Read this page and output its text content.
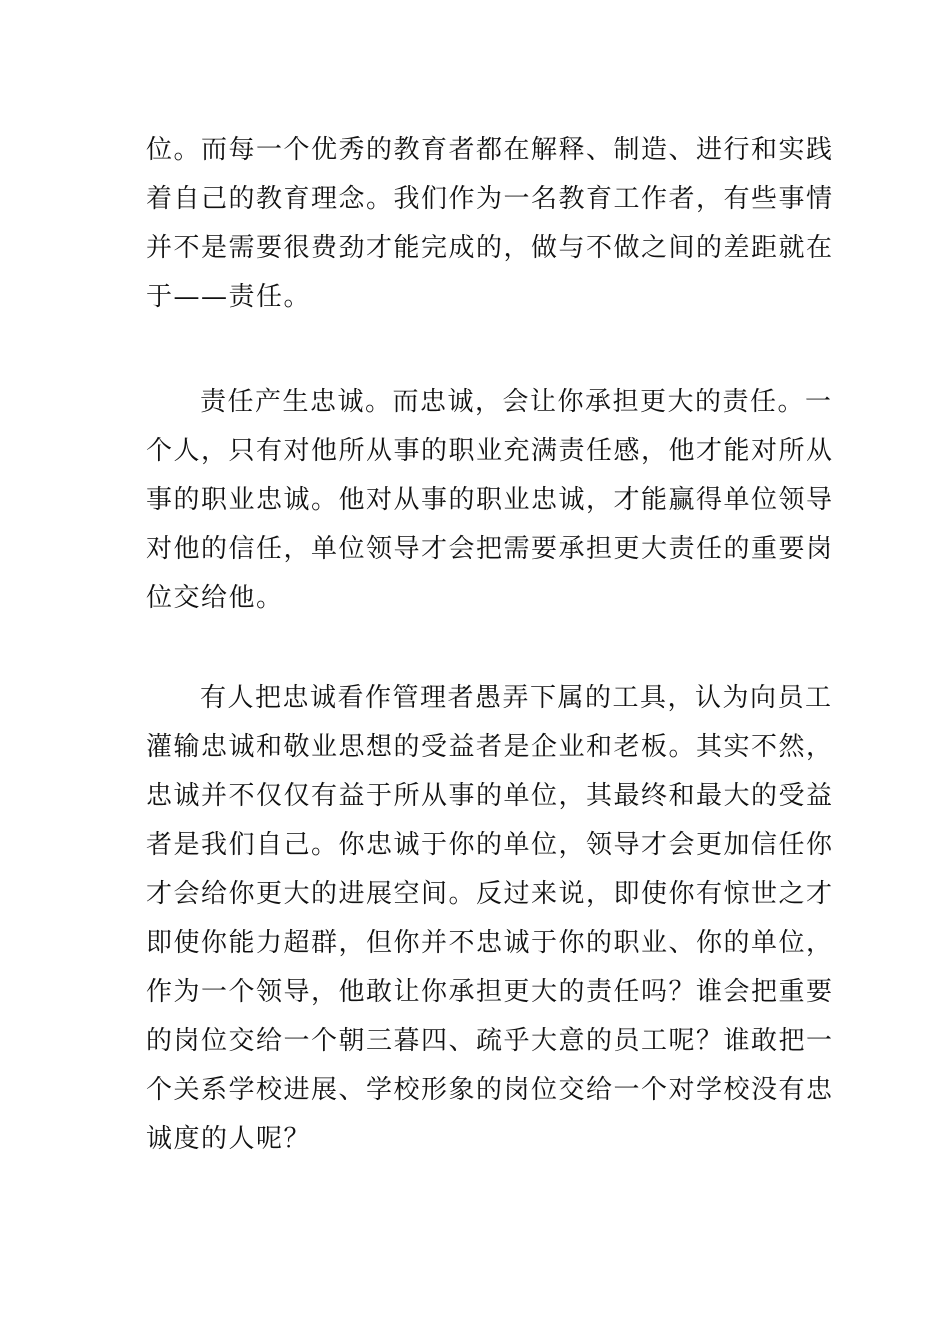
位。而每一个优秀的教育者都在解释、制造、进行和实践
着自己的教育理念。我们作为一名教育工作者，有些事情
并不是需要很费劲才能完成的，做与不做之间的差距就在
于——责任。

责任产生忠诚。而忠诚，会让你承担更大的责任。一
个人，只有对他所从事的职业充满责任感，他才能对所从
事的职业忠诚。他对从事的职业忠诚，才能赢得单位领导
对他的信任，单位领导才会把需要承担更大责任的重要岗
位交给他。

有人把忠诚看作管理者愚弄下属的工具，认为向员工
灌输忠诚和敬业思想的受益者是企业和老板。其实不然，
忠诚并不仅仅有益于所从事的单位，其最终和最大的受益
者是我们自己。你忠诚于你的单位，领导才会更加信任你
才会给你更大的进展空间。反过来说，即使你有惊世之才
即使你能力超群，但你并不忠诚于你的职业、你的单位，
作为一个领导，他敢让你承担更大的责任吗？谁会把重要
的岗位交给一个朝三暮四、疏乎大意的员工呢？谁敢把一
个关系学校进展、学校形象的岗位交给一个对学校没有忠
诚度的人呢？
